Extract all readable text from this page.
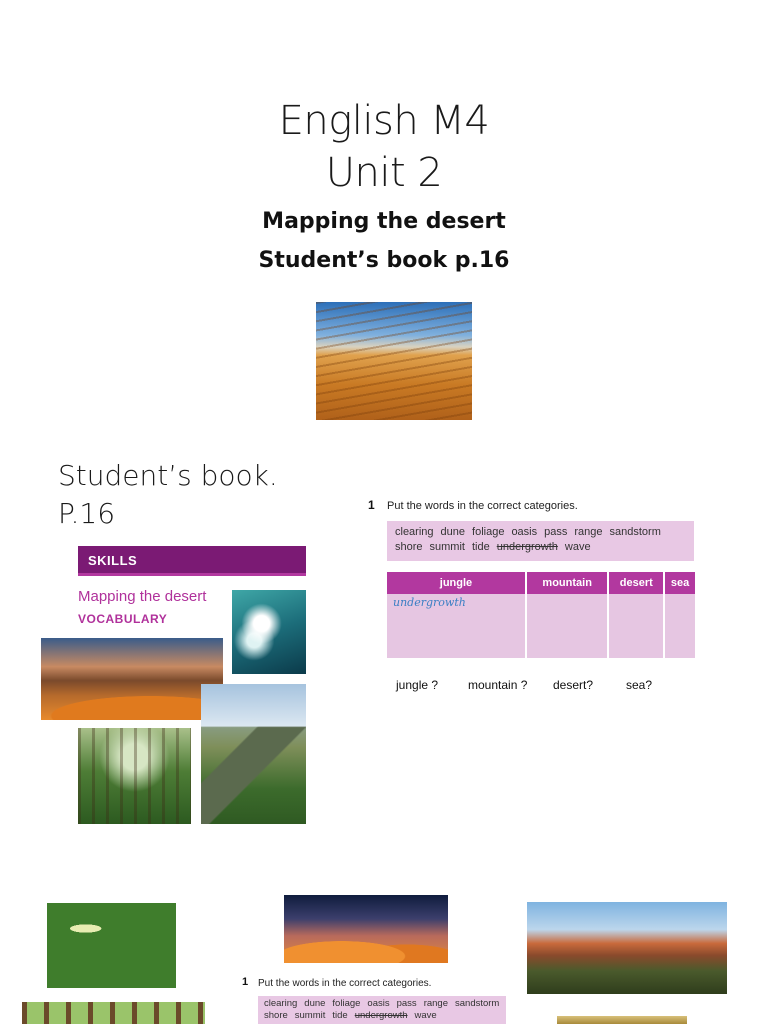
English M4
Unit 2
Mapping the desert
Student’s book p.16
Student’s book.
P.16
SKILLS
Mapping the desert
VOCABULARY
1 Put the words in the correct categories.
clearing dune foliage oasis pass range sandstorm
shore summit tide undergrowth wave
jungle	mountain	desert	sea
undergrowth			
jungle ? mountain ? desert?	sea?
1 Put the words in the correct categories.
clearing dune foliage oasis pass range sandstorm
shore summit tide undergrowth wave
